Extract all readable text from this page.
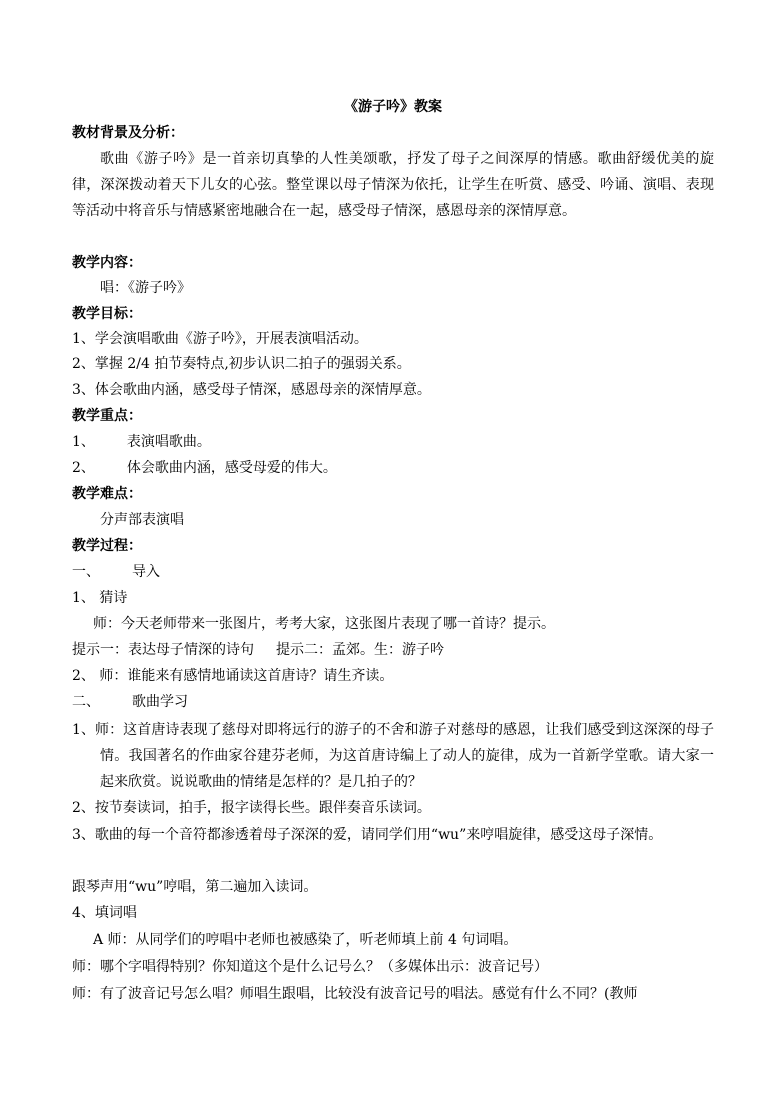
《游子吟》教案
教材背景及分析：
歌曲《游子吟》是一首亲切真挚的人性美颂歌，抒发了母子之间深厚的情感。歌曲舒缓优美的旋律，深深拨动着天下儿女的心弦。整堂课以母子情深为依托，让学生在听赏、感受、吟诵、演唱、表现等活动中将音乐与情感紧密地融合在一起，感受母子情深，感恩母亲的深情厚意。
教学内容：
唱：《游子吟》
教学目标：
1、学会演唱歌曲《游子吟》，开展表演唱活动。
2、掌握 2/4 拍节奏特点,初步认识二拍子的强弱关系。
3、体会歌曲内涵，感受母子情深，感恩母亲的深情厚意。
教学重点：
1、 表演唱歌曲。
2、 体会歌曲内涵，感受母爱的伟大。
教学难点：
分声部表演唱
教学过程：
一、 导入
1、 猜诗
师：今天老师带来一张图片，考考大家，这张图片表现了哪一首诗？提示。
提示一：表达母子情深的诗句 提示二：孟郊。生：游子吟
2、 师：谁能来有感情地诵读这首唐诗？请生齐读。
二、 歌曲学习
1、师：这首唐诗表现了慈母对即将远行的游子的不舍和游子对慈母的感恩，让我们感受到这深深的母子情。我国著名的作曲家谷建芬老师，为这首唐诗编上了动人的旋律，成为一首新学堂歌。请大家一起来欣赏。说说歌曲的情绪是怎样的？是几拍子的？
2、按节奏读词，拍手，报字读得长些。跟伴奏音乐读词。
3、歌曲的每一个音符都渗透着母子深深的爱，请同学们用“wu”来哼唱旋律，感受这母子深情。
跟琴声用“wu”哼唱，第二遍加入读词。
4、填词唱
A 师：从同学们的哼唱中老师也被感染了，听老师填上前 4 句词唱。
师：哪个字唱得特别？你知道这个是什么记号么？（多媒体出示：波音记号）
师：有了波音记号怎么唱？师唱生跟唱，比较没有波音记号的唱法。感觉有什么不同？(教师
